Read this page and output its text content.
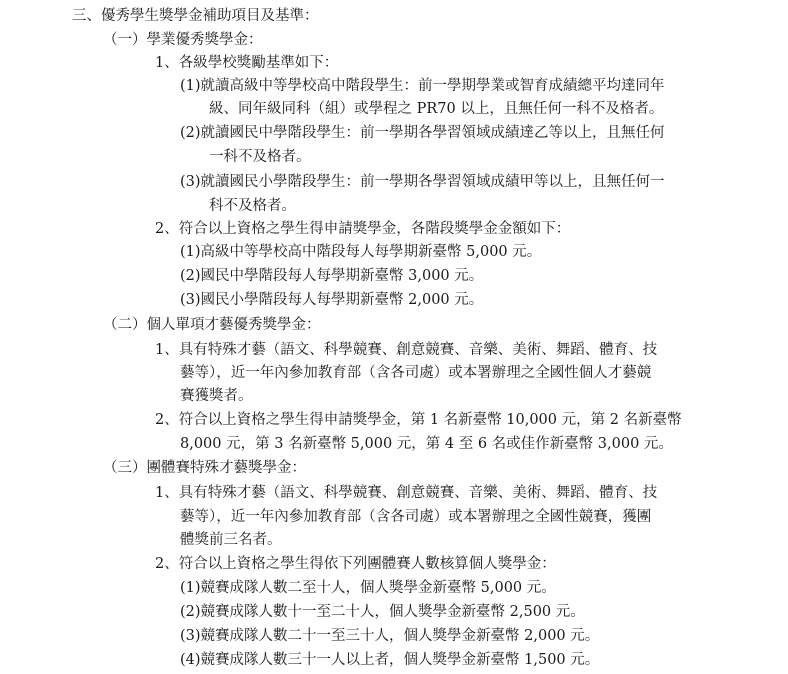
三、優秀學生獎學金補助項目及基準：
（一）學業優秀獎學金：
1、各級學校獎勵基準如下：
(1)就讀高級中等學校高中階段學生：前一學期學業或智育成績總平均達同年
級、同年級同科（組）或學程之 PR70 以上，且無任何一科不及格者。
(2)就讀國民中學階段學生：前一學期各學習領域成績達乙等以上，且無任何
一科不及格者。
(3)就讀國民小學階段學生：前一學期各學習領域成績甲等以上，且無任何一
科不及格者。
2、符合以上資格之學生得申請獎學金，各階段獎學金金額如下：
(1)高級中等學校高中階段每人每學期新臺幣 5,000 元。
(2)國民中學階段每人每學期新臺幣 3,000 元。
(3)國民小學階段每人每學期新臺幣 2,000 元。
（二）個人單項才藝優秀獎學金：
1、具有特殊才藝（語文、科學競賽、創意競賽、音樂、美術、舞蹈、體育、技
藝等），近一年內參加教育部（含各司處）或本署辦理之全國性個人才藝競
賽獲獎者。
2、符合以上資格之學生得申請獎學金，第 1 名新臺幣 10,000 元，第 2 名新臺幣
8,000 元，第 3 名新臺幣 5,000 元，第 4 至 6 名或佳作新臺幣 3,000 元。
（三）團體賽特殊才藝獎學金：
1、具有特殊才藝（語文、科學競賽、創意競賽、音樂、美術、舞蹈、體育、技
藝等），近一年內參加教育部（含各司處）或本署辦理之全國性競賽，獲團
體獎前三名者。
2、符合以上資格之學生得依下列團體賽人數核算個人獎學金：
(1)競賽成隊人數二至十人，個人獎學金新臺幣 5,000 元。
(2)競賽成隊人數十一至二十人，個人獎學金新臺幣 2,500 元。
(3)競賽成隊人數二十一至三十人，個人獎學金新臺幣 2,000 元。
(4)競賽成隊人數三十一人以上者，個人獎學金新臺幣 1,500 元。
